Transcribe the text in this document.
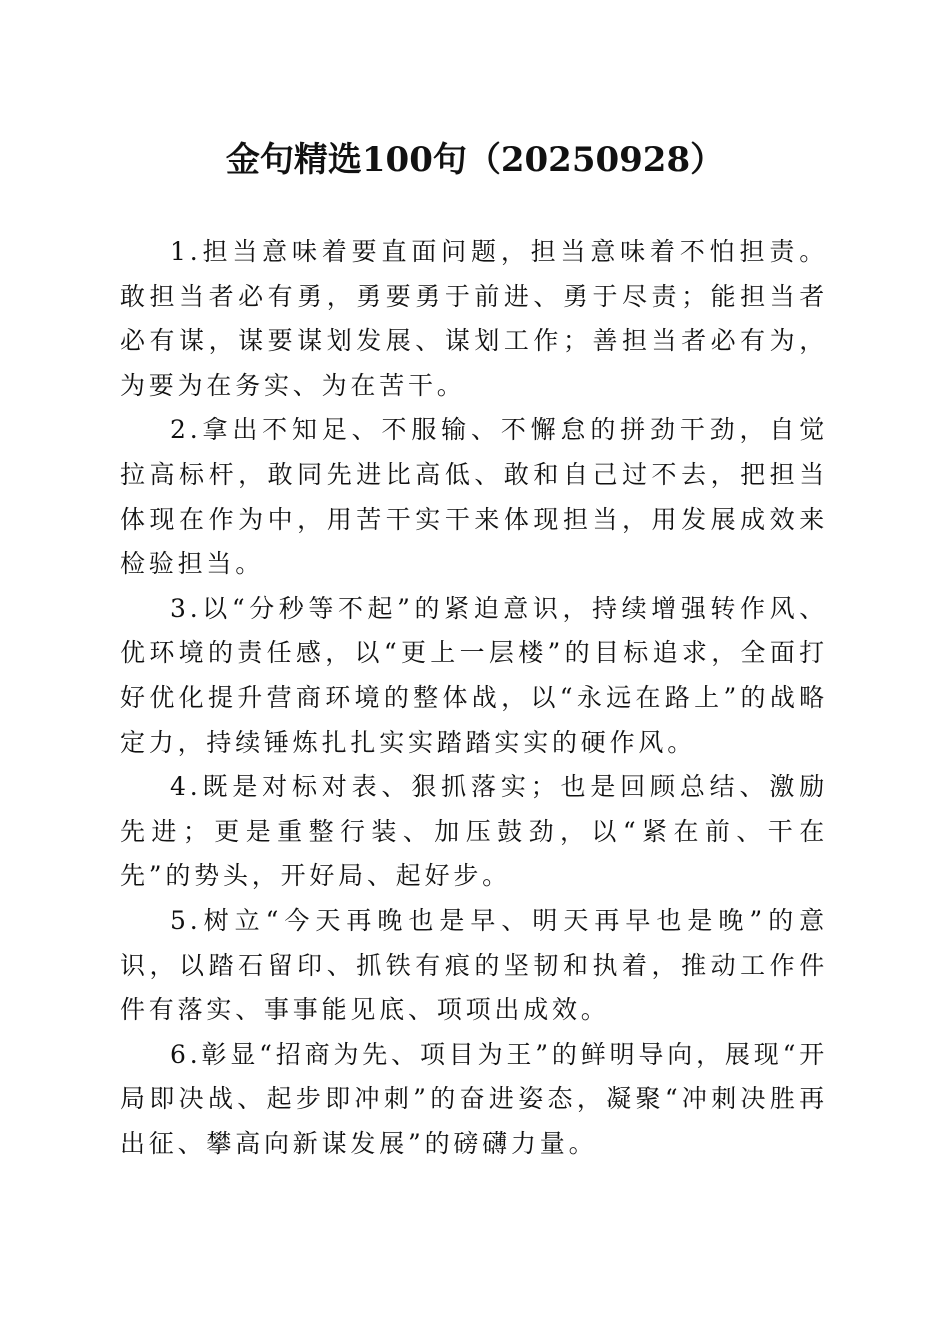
金句精选100句（20250928）

1.担当意味着要直面问题，担当意味着不怕担责。敢担当者必有勇，勇要勇于前进、勇于尽责；能担当者必有谋，谋要谋划发展、谋划工作；善担当者必有为，为要为在务实、为在苦干。

2.拿出不知足、不服输、不懈怠的拼劲干劲，自觉拉高标杆，敢同先进比高低、敢和自己过不去，把担当体现在作为中，用苦干实干来体现担当，用发展成效来检验担当。

3.以“分秒等不起”的紧迫意识，持续增强转作风、优环境的责任感，以“更上一层楼”的目标追求，全面打好优化提升营商环境的整体战，以“永远在路上”的战略定力，持续锤炼扎扎实实踏踏实实的硬作风。

4.既是对标对表、狠抓落实；也是回顾总结、激励先进；更是重整行装、加压鼓劲，以“紧在前、干在先”的势头，开好局、起好步。

5.树立“今天再晚也是早、明天再早也是晚”的意识，以踏石留印、抓铁有痕的坚韧和执着，推动工作件件有落实、事事能见底、项项出成效。

6.彰显“招商为先、项目为王”的鲜明导向，展现“开局即决战、起步即冲刺”的奋进姿态，凝聚“冲刺决胜再出征、攀高向新谋发展”的磅礴力量。
